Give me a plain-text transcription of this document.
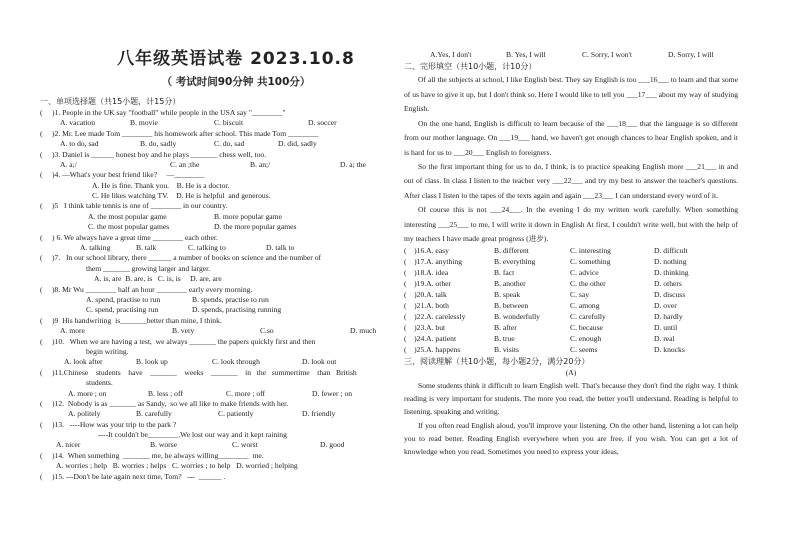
八年级英语试卷 2023.10.8
（ 考试时间90分钟 共100分）
一、单项选择题（共15小题，计15分）
(     )1. People in the UK say "football" while people in the USA say "________"
A. vacation	B. movie	C. biscuit	D. soccer
(     )2. Mr. Lee made Tom ________ his homework after school. This made Tom ________
A. to do, sad	B. do, sadly	C. do, sad	D. did, sadly
(     )3. Daniel is ______ honest boy and he plays _______ chess well, too.
A. a;/	C. an ;the	B. an;/	D. a; the
(     )4. —What's your best friend like?     —________
A. He is fine. Thank you.    B. He is a doctor.
C. He likes watching TV.    D. He is helpful  and generous.
(     )5   I think table tennis is one of ________ in our country.
A. the most popular game	B. more popular game
C. the most popular games	D. the more popular games
(     ) 6. We always have a great time ________ each other.
A. talking	B. talk	C. talking to	D. talk to
(     )7.   In our school library, there ______ a number of books on science and the number of
them _______ growing larger and larger.
A. is, are  B. are, is   C. is, is     D. are, are
(     )8. Mr Wu ________ half an hour ________ early every morning.
A. spend, practise to run	B. spends, practise to run
C. spend, practising run	D. spends, practising running
(     )9  His handwriting  is_______better than mine, I think.
A. more	B. very	C.so	D. much
(     )10.   When we are having a test,  we always _______ the papers quickly first and then
begin writing.
A. look after	B. look up	C. look through	D. look out
(     )11.Chinese    students    have    _______    weeks    _______    in   the   summertime    than   British
students.
A. more ; on	B. less ; off	C. more ; off	D. fewer ; on
(     )12.  Nobody is as _______ as Sandy,  so we all like to make friends with her.
A. politely	B. carefully	C. patiently	D. friendly
(     )13.   ----How was your trip to the park ?
----It couldn't be________.We lost our way and it kept raining
A. nicer	B. worse	C. worst	D. good
(     )14.  When something  _______ me, he always willing________  me.
A. worries ; help   B. worries ; helps   C. worries ; to help   D. worried ; helping
(     )15. ---Don't be late again next time, Tom?   ---  ______ .
A.Yes, I don't	B. Yes, I will	C. Sorry, I won't	D. Sorry, I will
二、完形填空（共10小题，计10分）

Of all the subjects at school, I like English best. They say English is too ___16___ to learn and that some of us have to give it up, but I don't think so. Here I would like to tell you ___17___ about my way of studying English.

On the one hand, English is difficult to learn because of the ___18___ that the language is so different from our mother language. On ___19___ hand, we haven't got enough chances to hear English spoken, and it is hard for us to ___20___ English to foreigners.

So the first important thing for us to do, I think, is to practice speaking English more ___21___ in and out of class. In class I listen to the teacher very ___22___ and try my best to answer the teacher's questions. After class I listen to the tapes of the texts again and again ___23___ I can understand every word of it.

Of course this is not ___24___. In the evening I do my written work carefully. When something interesting ___25___ to me, I will write it down in English At first, I couldn't write well, but with the help of my teachers I have made great progress (进步).

(    )16.A. easy	B. different	C. interesting	D. difficult
(    )17.A. anything	B. everything	C. something	D. nothing
(    )18.A. idea	B. fact	C. advice	D. thinking
(    )19.A. other	B. another	C. the other	D. others
(    )20.A. talk	B. speak	C. say	D. discuss
(    )21.A. both	B. between	C. among	D. over
(    )22.A. carelessly	B. wonderfully	C. carefully	D. hardly
(    )23.A. but	B. after	C. because	D. until
(    )24.A. patient	B. true	C. enough	D. real
(    )25.A. happens	B. visits	C. seems	D. knocks
三、阅读理解（共10小题，每小题2分，满分20分）
(A)

Some students think it difficult to learn English well. That's because they don't find the right way. I think reading is very important for students. The more you read, the better you'll understand. Reading is helpful to listening, speaking and writing.

If you often read English aloud, you'll improve your listening. On the other hand, listening a lot can help you to read better. Reading English everywhere when you are free, if you wish. You can get a lot of knowledge when you read. Sometimes you need to express your ideas,
